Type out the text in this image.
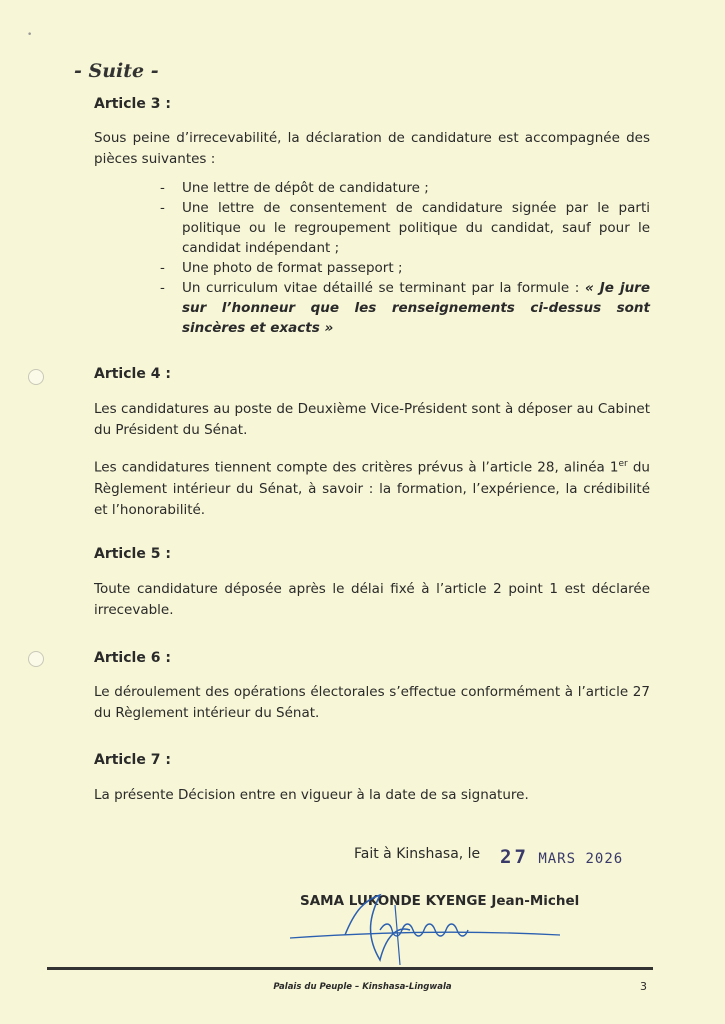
•
- Suite -
Article 3 :
Sous peine d’irrecevabilité, la déclaration de candidature est accompagnée des pièces suivantes :
- Une lettre de dépôt de candidature ;
- Une lettre de consentement de candidature signée par le parti politique ou le regroupement politique du candidat, sauf pour le candidat indépendant ;
- Une photo de format passeport ;
- Un curriculum vitae détaillé se terminant par la formule : « Je jure sur l’honneur que les renseignements ci-dessus sont sincères et exacts »
Article 4 :
Les candidatures au poste de Deuxième Vice-Président sont à déposer au Cabinet du Président du Sénat.
Les candidatures tiennent compte des critères prévus à l’article 28, alinéa 1er du Règlement intérieur du Sénat, à savoir : la formation, l’expérience, la crédibilité et l’honorabilité.
Article 5 :
Toute candidature déposée après le délai fixé à l’article 2 point 1 est déclarée irrecevable.
Article 6 :
Le déroulement des opérations électorales s’effectue conformément à l’article 27 du Règlement intérieur du Sénat.
Article 7 :
La présente Décision entre en vigueur à la date de sa signature.
Fait à Kinshasa, le 27 MARS 2026
SAMA LUKONDE KYENGE Jean-Michel
Palais du Peuple – Kinshasa-Lingwala	3
